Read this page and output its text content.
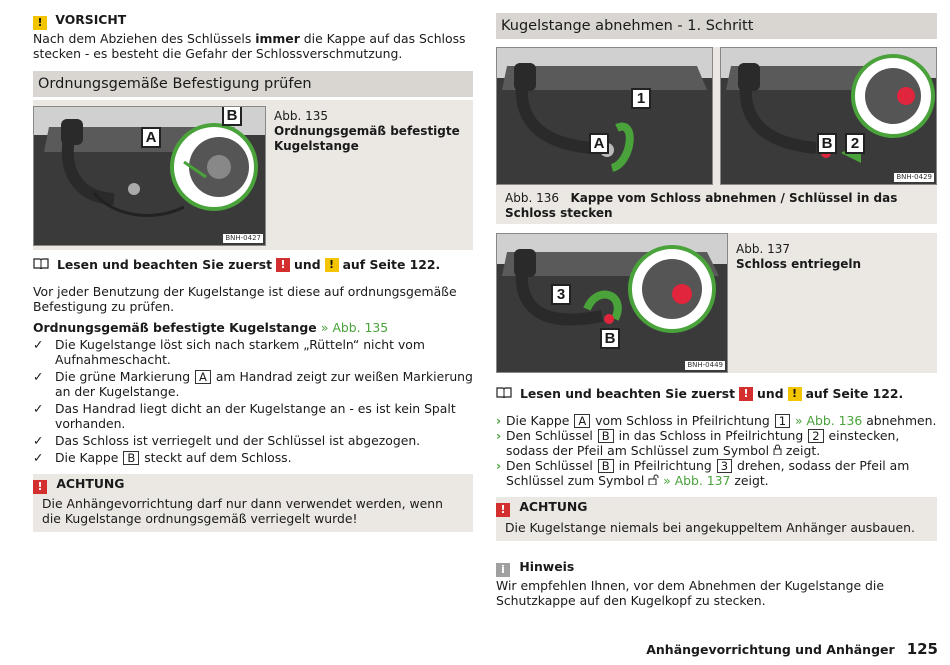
! VORSICHT
Nach dem Abziehen des Schlüssels immer die Kappe auf das Schloss stecken - es besteht die Gefahr der Schlossverschmutzung.
Ordnungsgemäße Befestigung prüfen
A
B
BNH-0427
Abb. 135
Ordnungsgemäß befestigte Kugelstange
Lesen und beachten Sie zuerst ! und ! auf Seite 122.
Vor jeder Benutzung der Kugelstange ist diese auf ordnungsgemäße Befestigung zu prüfen.
Ordnungsgemäß befestigte Kugelstange » Abb. 135
✓ Die Kugelstange löst sich nach starkem „Rütteln“ nicht vom Aufnahmeschacht.
✓ Die grüne Markierung A am Handrad zeigt zur weißen Markierung an der Kugelstange.
✓ Das Handrad liegt dicht an der Kugelstange an - es ist kein Spalt vorhanden.
✓ Das Schloss ist verriegelt und der Schlüssel ist abgezogen.
✓ Die Kappe B steckt auf dem Schloss.
! ACHTUNG
Die Anhängevorrichtung darf nur dann verwendet werden, wenn die Kugelstange ordnungsgemäß verriegelt wurde!
Kugelstange abnehmen - 1. Schritt
1
A	B	2
BNH-0429
Abb. 136 Kappe vom Schloss abnehmen / Schlüssel in das Schloss stecken
3
B
BNH-0449
Abb. 137
Schloss entriegeln
Lesen und beachten Sie zuerst ! und ! auf Seite 122.
› Die Kappe A vom Schloss in Pfeilrichtung 1 » Abb. 136 abnehmen.
› Den Schlüssel B in das Schloss in Pfeilrichtung 2 einstecken, sodass der Pfeil am Schlüssel zum Symbol zeigt.
› Den Schlüssel B in Pfeilrichtung 3 drehen, sodass der Pfeil am Schlüssel zum Symbol » Abb. 137 zeigt.
! ACHTUNG
Die Kugelstange niemals bei angekuppeltem Anhänger ausbauen.
i Hinweis
Wir empfehlen Ihnen, vor dem Abnehmen der Kugelstange die Schutzkappe auf den Kugelkopf zu stecken.
Anhängevorrichtung und Anhänger 125
